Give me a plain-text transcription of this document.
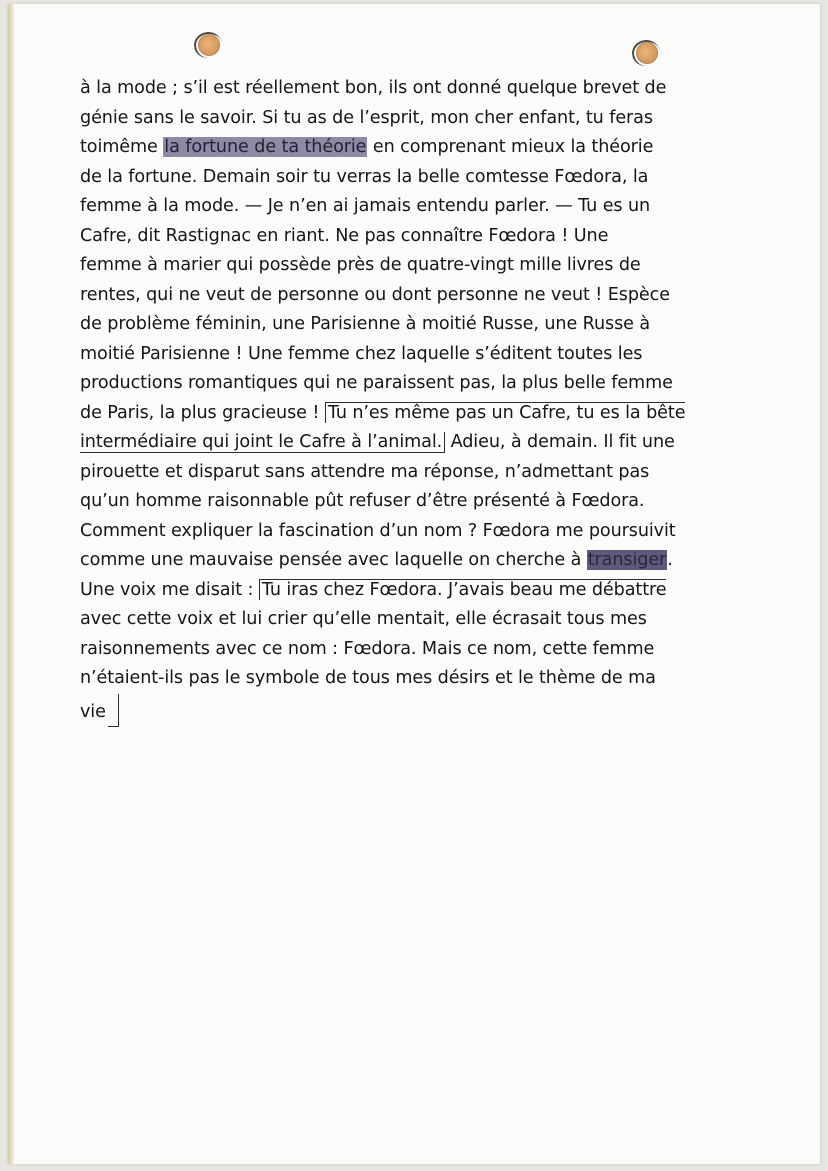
à la mode ; s’il est réellement bon, ils ont donné quelque brevet de
génie sans le savoir. Si tu as de l’esprit, mon cher enfant, tu feras
toimême la fortune de ta théorie en comprenant mieux la théorie
de la fortune. Demain soir tu verras la belle comtesse Fœdora, la
femme à la mode. — Je n’en ai jamais entendu parler. — Tu es un
Cafre, dit Rastignac en riant. Ne pas connaître Fœdora ! Une
femme à marier qui possède près de quatre-vingt mille livres de
rentes, qui ne veut de personne ou dont personne ne veut ! Espèce
de problème féminin, une Parisienne à moitié Russe, une Russe à
moitié Parisienne ! Une femme chez laquelle s’éditent toutes les
productions romantiques qui ne paraissent pas, la plus belle femme
de Paris, la plus gracieuse ! Tu n’es même pas un Cafre, tu es la bête
intermédiaire qui joint le Cafre à l’animal. Adieu, à demain. Il fit une
pirouette et disparut sans attendre ma réponse, n’admettant pas
qu’un homme raisonnable pût refuser d’être présenté à Fœdora.
Comment expliquer la fascination d’un nom ? Fœdora me poursuivit
comme une mauvaise pensée avec laquelle on cherche à transiger.
Une voix me disait : Tu iras chez Fœdora. J’avais beau me débattre
avec cette voix et lui crier qu’elle mentait, elle écrasait tous mes
raisonnements avec ce nom : Fœdora. Mais ce nom, cette femme
n’étaient-ils pas le symbole de tous mes désirs et le thème de ma
vie
